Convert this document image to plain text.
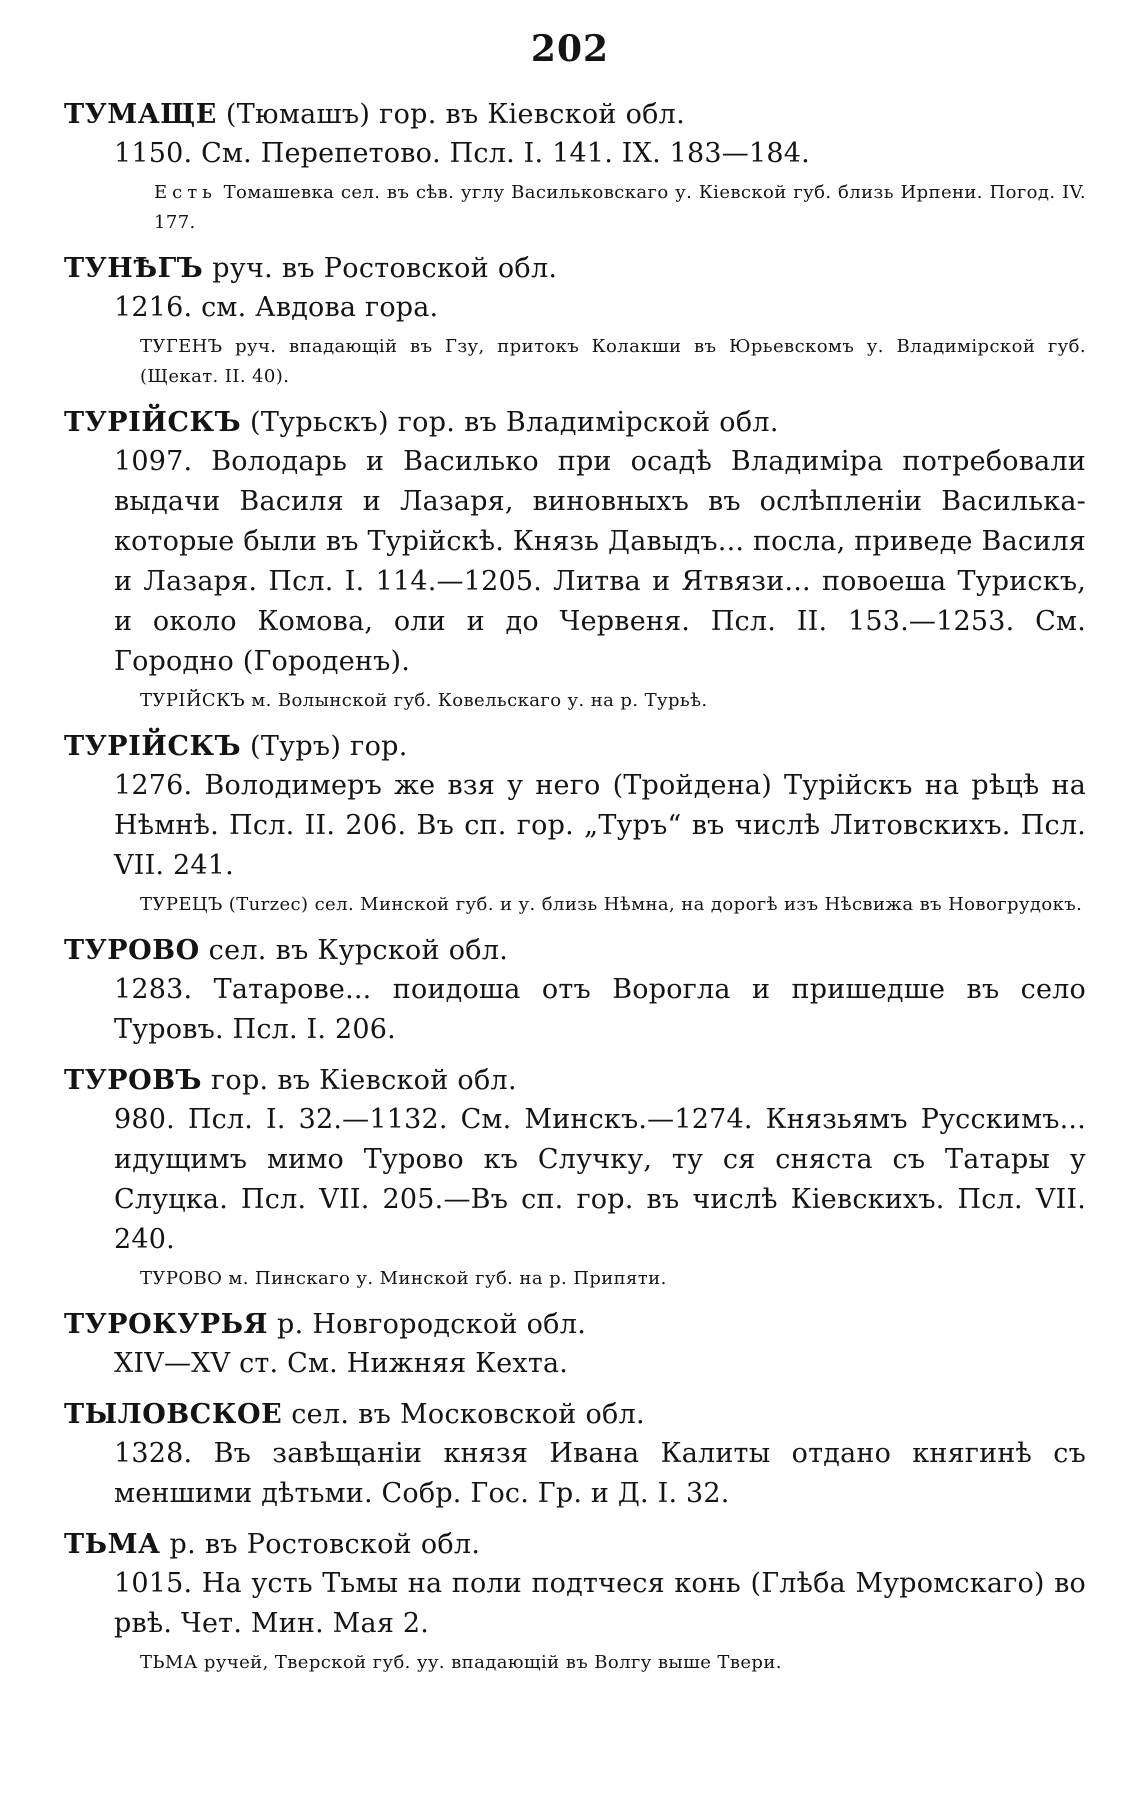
202
ТУМАЩЕ (Тюмашъ) гор. въ Кіевской обл.
1150. См. Перепетово. Псл. I. 141. IX. 183—184.
Есть Томашевка сел. въ сѣв. углу Васильковскаго у. Кіевской губ. близь Ирпени. Погод. IV. 177.
ТУНѢГЪ руч. въ Ростовской обл.
1216. см. Авдова гора.
ТУГЕНЪ руч. впадающій въ Гзу, притокъ Колакши въ Юрьевскомъ у. Владимірской губ. (Щекат. II. 40).
ТУРІЙСКЪ (Турьскъ) гор. въ Владимірской обл.
1097. Володарь и Василько при осадѣ Владиміра потребовали выдачи Василя и Лазаря, виновныхъ въ ослѣпленіи Василька-которые были въ Турійскѣ. Князь Давыдъ... посла, приведе Василя и Лазаря. Псл. I. 114.—1205. Литва и Ятвязи... повоеша Турискъ, и около Комова, оли и до Червеня. Псл. II. 153.—1253. См. Городно (Городенъ).
ТУРІЙСКЪ м. Волынской губ. Ковельскаго у. на р. Турьѣ.
ТУРІЙСКЪ (Туръ) гор.
1276. Володимеръ же взя у него (Тройдена) Турійскъ на рѣцѣ на Нѣмнѣ. Псл. II. 206. Въ сп. гор. „Туръ“ въ числѣ Литовскихъ. Псл. VII. 241.
ТУРЕЦЪ (Turzec) сел. Минской губ. и у. близь Нѣмна, на дорогѣ изъ Нѣсвижа въ Новогрудокъ.
ТУРОВО сел. въ Курской обл.
1283. Татарове... поидоша отъ Ворогла и пришедше въ село Туровъ. Псл. I. 206.
ТУРОВЪ гор. въ Кіевской обл.
980. Псл. I. 32.—1132. См. Минскъ.—1274. Князьямъ Русскимъ... идущимъ мимо Турово къ Случку, ту ся сняста съ Татары у Слуцка. Псл. VII. 205.—Въ сп. гор. въ числѣ Кіевскихъ. Псл. VII. 240.
ТУРОВО м. Пинскаго у. Минской губ. на р. Припяти.
ТУРОКУРЬЯ р. Новгородской обл.
XIV—XV ст. См. Нижняя Кехта.
ТЫЛОВСКОЕ сел. въ Московской обл.
1328. Въ завѣщаніи князя Ивана Калиты отдано княгинѣ съ меншими дѣтьми. Собр. Гос. Гр. и Д. I. 32.
ТЬМА р. въ Ростовской обл.
1015. На усть Тьмы на поли подтчеся конь (Глѣба Муромскаго) во рвѣ. Чет. Мин. Мая 2.
ТЬМА ручей, Тверской губ. уу. впадающій въ Волгу выше Твери.
